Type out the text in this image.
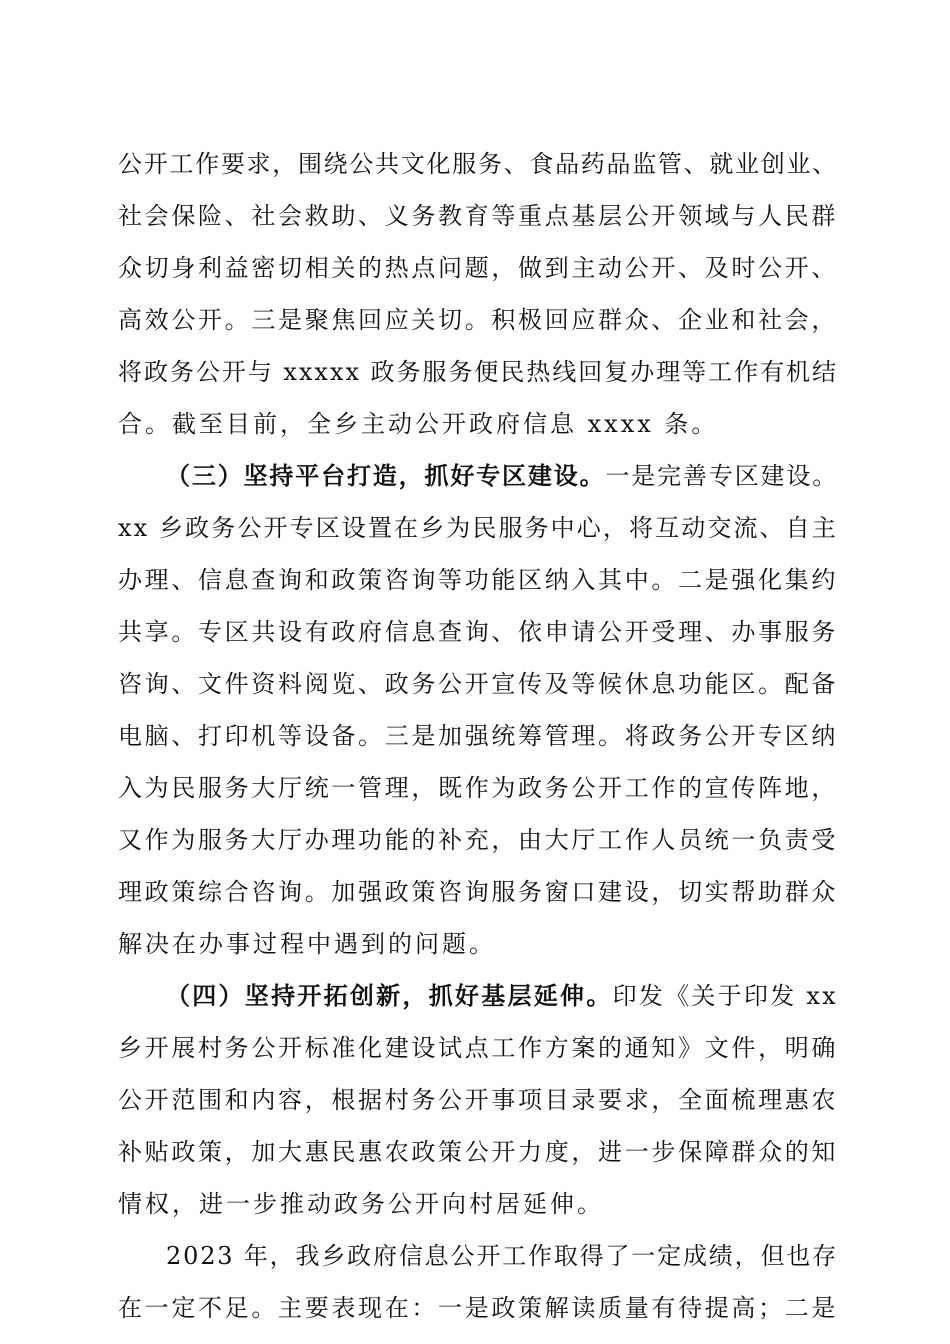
公开工作要求，围绕公共文化服务、食品药品监管、就业创业、
社会保险、社会救助、义务教育等重点基层公开领域与人民群
众切身利益密切相关的热点问题，做到主动公开、及时公开、
高效公开。三是聚焦回应关切。积极回应群众、企业和社会，
将政务公开与 xxxxx 政务服务便民热线回复办理等工作有机结
合。截至目前，全乡主动公开政府信息 xxxx 条。
（三）坚持平台打造，抓好专区建设。一是完善专区建设。
xx 乡政务公开专区设置在乡为民服务中心，将互动交流、自主
办理、信息查询和政策咨询等功能区纳入其中。二是强化集约
共享。专区共设有政府信息查询、依申请公开受理、办事服务
咨询、文件资料阅览、政务公开宣传及等候休息功能区。配备
电脑、打印机等设备。三是加强统筹管理。将政务公开专区纳
入为民服务大厅统一管理，既作为政务公开工作的宣传阵地，
又作为服务大厅办理功能的补充，由大厅工作人员统一负责受
理政策综合咨询。加强政策咨询服务窗口建设，切实帮助群众
解决在办事过程中遇到的问题。
（四）坚持开拓创新，抓好基层延伸。印发《关于印发 xx
乡开展村务公开标准化建设试点工作方案的通知》文件，明确
公开范围和内容，根据村务公开事项目录要求，全面梳理惠农
补贴政策，加大惠民惠农政策公开力度，进一步保障群众的知
情权，进一步推动政务公开向村居延伸。
2023 年，我乡政府信息公开工作取得了一定成绩，但也存
在一定不足。主要表现在：一是政策解读质量有待提高；二是
